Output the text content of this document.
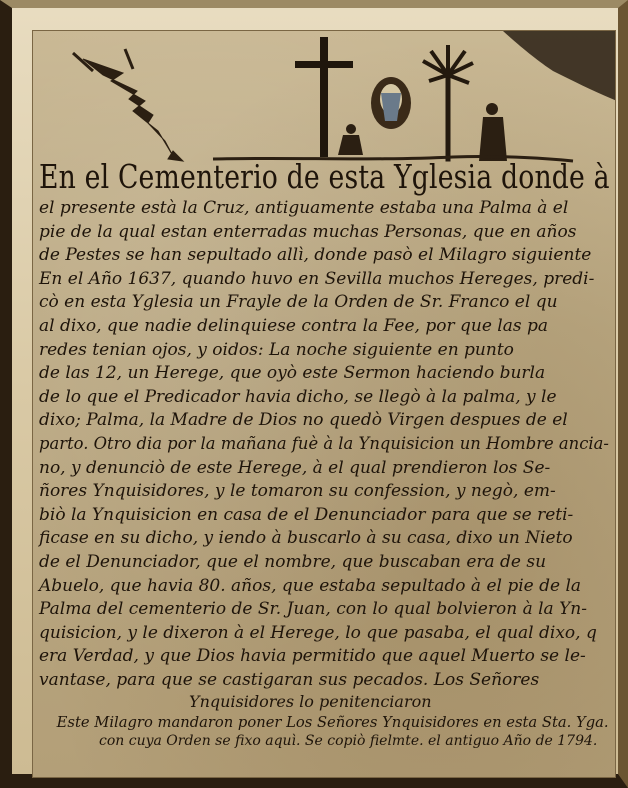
En el Cementerio de esta Yglesia donde à

el presente està la Cruz, antiguamente estaba una Palma à el

pie de la qual estan enterradas muchas Personas, que en años

de Pestes se han sepultado allì, donde pasò el Milagro siguiente

En el Año 1637, quando huvo en Sevilla muchos Hereges, predi-

cò en esta Yglesia un Frayle de la Orden de Sr. Franco el qu

al dixo, que nadie delinquiese contra la Fee, por que las pa

redes tenian ojos, y oidos: La noche siguiente en punto

de las 12, un Herege, que oyò este Sermon haciendo burla

de lo que el Predicador havia dicho, se llegò à la palma, y le

dixo; Palma, la Madre de Dios no quedò Virgen despues de el

parto. Otro dia por la mañana fuè à la Ynquisicion un Hombre ancia-

no, y denunciò de este Herege, à el qual prendieron los Se-

ñores Ynquisidores, y le tomaron su confession, y negò, em-

biò la Ynquisicion en casa de el Denunciador para que se reti-

ficase en su dicho, y iendo à buscarlo à su casa, dixo un Nieto

de el Denunciador, que el nombre, que buscaban era de su

Abuelo, que havia 80. años, que estaba sepultado à el pie de la

Palma del cementerio de Sr. Juan, con lo qual bolvieron à la Yn-

quisicion, y le dixeron à el Herege, lo que pasaba, el qual dixo, q

era Verdad, y que Dios havia permitido que aquel Muerto se le-

vantase, para que se castigaran sus pecados. Los Señores

Ynquisidores lo penitenciaron

Este Milagro mandaron poner Los Señores Ynquisidores en esta Sta. Yga.

con cuya Orden se fixo aquì. Se copiò fielmte. el antiguo Año de 1794.
